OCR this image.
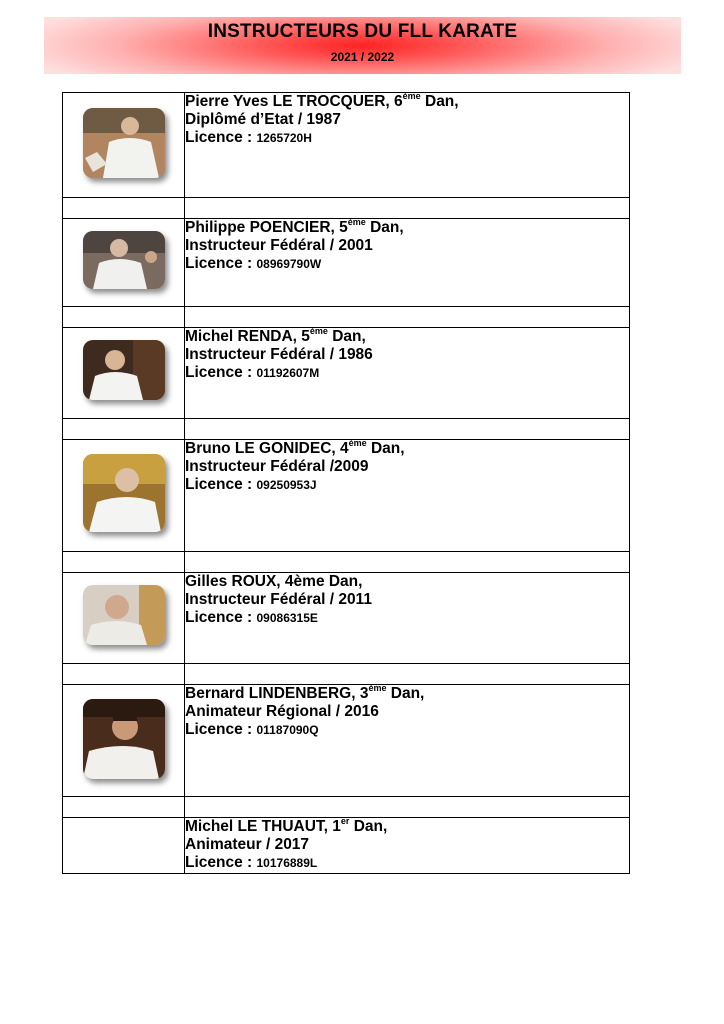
INSTRUCTEURS DU FLL KARATE
2021 / 2022

Pierre Yves LE TROCQUER, 6ème Dan,
Diplômé d’Etat / 1987
Licence : 1265720H

Philippe POENCIER, 5ème Dan,
Instructeur Fédéral / 2001
Licence : 08969790W

Michel RENDA, 5ème Dan,
Instructeur Fédéral / 1986
Licence : 01192607M

Bruno LE GONIDEC, 4ème Dan,
Instructeur Fédéral /2009
Licence : 09250953J

Gilles ROUX, 4ème Dan,
Instructeur Fédéral / 2011
Licence : 09086315E

Bernard LINDENBERG, 3ème Dan,
Animateur Régional / 2016
Licence : 01187090Q

	Michel LE THUAUT, 1er Dan,
Animateur / 2017
Licence : 10176889L
